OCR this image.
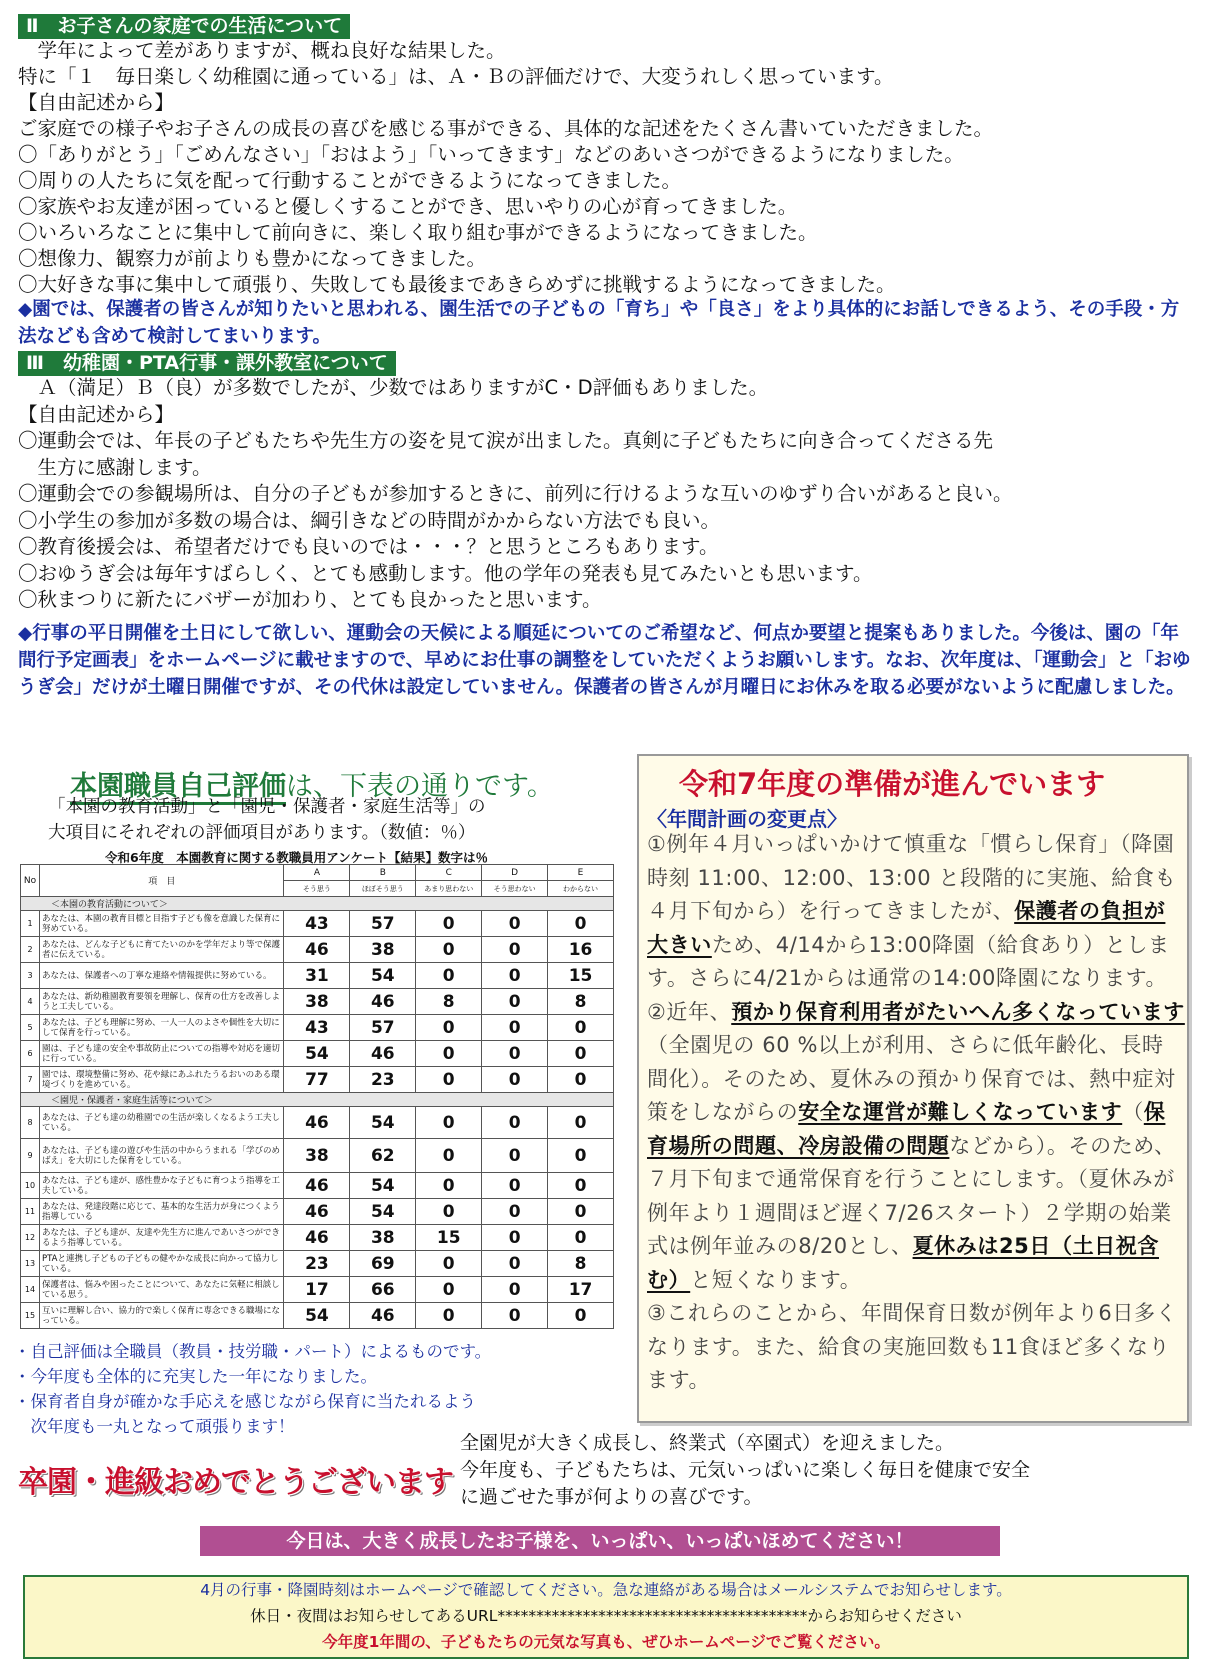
Ⅱ　お子さんの家庭での生活について
　学年によって差がありますが、概ね良好な結果した。
特に「１　毎日楽しく幼稚園に通っている」は、Ａ・Ｂの評価だけで、大変うれしく思っています。
【自由記述から】
ご家庭での様子やお子さんの成長の喜びを感じる事ができる、具体的な記述をたくさん書いていただきました。
〇「ありがとう」「ごめんなさい」「おはよう」「いってきます」などのあいさつができるようになりました。
〇周りの人たちに気を配って行動することができるようになってきました。
〇家族やお友達が困っていると優しくすることができ、思いやりの心が育ってきました。
〇いろいろなことに集中して前向きに、楽しく取り組む事ができるようになってきました。
〇想像力、観察力が前よりも豊かになってきました。
〇大好きな事に集中して頑張り、失敗しても最後まであきらめずに挑戦するようになってきました。
◆園では、保護者の皆さんが知りたいと思われる、園生活での子どもの「育ち」や「良さ」をより具体的にお話しできるよう、その手段・方法なども含めて検討してまいります。
Ⅲ　幼稚園・PTA行事・課外教室について
　Ａ（満足）Ｂ（良）が多数でしたが、少数ではありますがC・D評価もありました。
【自由記述から】
〇運動会では、年長の子どもたちや先生方の姿を見て涙が出ました。真剣に子どもたちに向き合ってくださる先
　生方に感謝します。
〇運動会での参観場所は、自分の子どもが参加するときに、前列に行けるような互いのゆずり合いがあると良い。
〇小学生の参加が多数の場合は、綱引きなどの時間がかからない方法でも良い。
〇教育後援会は、希望者だけでも良いのでは・・・？と思うところもあります。
〇おゆうぎ会は毎年すばらしく、とても感動します。他の学年の発表も見てみたいとも思います。
〇秋まつりに新たにバザーが加わり、とても良かったと思います。
◆行事の平日開催を土日にして欲しい、運動会の天候による順延についてのご希望など、何点か要望と提案もありました。今後は、園の「年間行予定画表」をホームページに載せますので、早めにお仕事の調整をしていただくようお願いします。なお、次年度は、「運動会」と「おゆうぎ会」だけが土曜日開催ですが、その代休は設定していません。保護者の皆さんが月曜日にお休みを取る必要がないように配慮しました。
本園職員自己評価は、下表の通りです。
「本園の教育活動」と「園児・保護者・家庭生活等」の
大項目にそれぞれの評価項目があります。（数値：％）
令和6年度　本園教育に関する教職員用アンケート【結果】数字は％
No	項　目	A	B	C	D	E
		そう思う	ほぼそう思う	あまり思わない	そう思わない	わからない
＜本園の教育活動について＞						
1	あなたは、本園の教育目標と目指す子ども像を意識した保育に努めている。	43	57	0	0	0
2	あなたは、どんな子どもに育てたいのかを学年だより等で保護者に伝えている。	46	38	0	0	16
3	あなたは、保護者への丁寧な連絡や情報提供に努めている。	31	54	0	0	15
4	あなたは、新幼稚園教育要領を理解し、保育の仕方を改善しようと工夫している。	38	46	8	0	8
5	あなたは、子ども理解に努め、一人一人のよさや個性を大切にして保育を行っている。	43	57	0	0	0
6	園は、子ども達の安全や事故防止についての指導や対応を適切に行っている。	54	46	0	0	0
7	園では、環境整備に努め、花や緑にあふれたうるおいのある環境づくりを進めている。	77	23	0	0	0
＜園児・保護者・家庭生活等について＞						
8	あなたは、子ども達の幼稚園での生活が楽しくなるよう工夫している。	46	54	0	0	0
9	あなたは、子ども達の遊びや生活の中からうまれる「学びのめばえ」を大切にした保育をしている。	38	62	0	0	0
10	あなたは、子ども達が、感性豊かな子どもに育つよう指導を工夫している。	46	54	0	0	0
11	あなたは、発達段階に応じて、基本的な生活力が身につくよう指導している	46	54	0	0	0
12	あなたは、子ども達が、友達や先生方に進んであいさつができるよう指導している。	46	38	15	0	0
13	PTAと連携し子どもの子どもの健やかな成長に向かって協力している。	23	69	0	0	8
14	保護者は、悩みや困ったことについて、あなたに気軽に相談している思う。	17	66	0	0	17
15	互いに理解し合い、協力的で楽しく保育に専念できる職場になっている。	54	46	0	0	0
・自己評価は全職員（教員・技労職・パート）によるものです。
・今年度も全体的に充実した一年になりました。
・保育者自身が確かな手応えを感じながら保育に当たれるよう
　次年度も一丸となって頑張ります！
卒園・進級おめでとうございます
令和7年度の準備が進んでいます
〈年間計画の変更点〉
①例年４月いっぱいかけて慎重な「慣らし保育」（降園時刻 11:00、12:00、13:00 と段階的に実施、給食も４月下旬から）を行ってきましたが、保護者の負担が大きいため、4/14から13:00降園（給食あり）とします。さらに4/21からは通常の14:00降園になります。
②近年、預かり保育利用者がたいへん多くなっています（全園児の 60 %以上が利用、さらに低年齢化、長時間化）。そのため、夏休みの預かり保育では、熱中症対策をしながらの安全な運営が難しくなっています（保育場所の問題、冷房設備の問題などから）。そのため、７月下旬まで通常保育を行うことにします。（夏休みが例年より１週間ほど遅く7/26スタート）２学期の始業式は例年並みの8/20とし、夏休みは25日（土日祝含む）と短くなります。
③これらのことから、年間保育日数が例年より6日多くなります。また、給食の実施回数も11食ほど多くなります。
全園児が大きく成長し、終業式（卒園式）を迎えました。
今年度も、子どもたちは、元気いっぱいに楽しく毎日を健康で安全
に過ごせた事が何よりの喜びです。
今日は、大きく成長したお子様を、いっぱい、いっぱいほめてください！
4月の行事・降園時刻はホームページで確認してください。急な連絡がある場合はメールシステムでお知らせします。
休日・夜間はお知らせしてあるURL****************************************からお知らせください
今年度1年間の、子どもたちの元気な写真も、ぜひホームページでご覧ください。
